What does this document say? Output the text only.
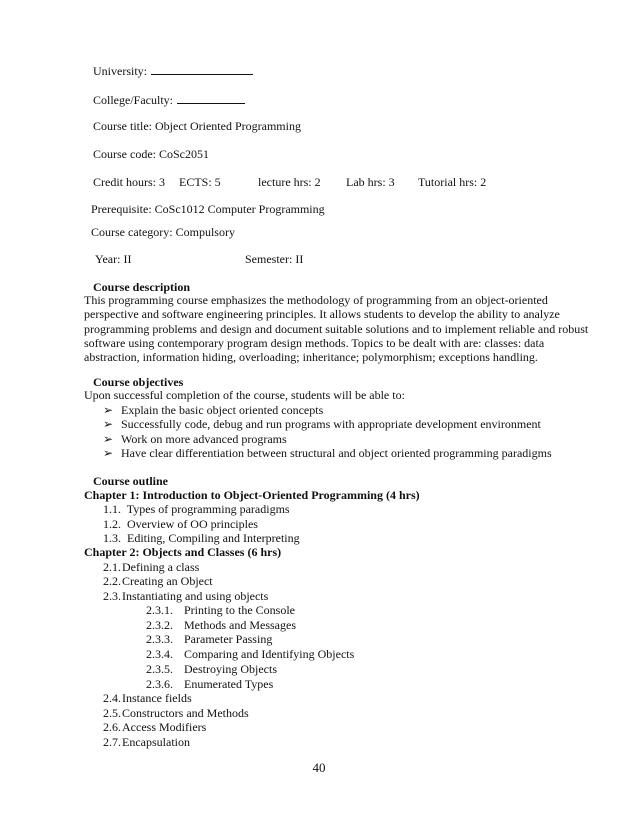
University:
College/Faculty:
Course title: Object Oriented Programming
Course code: CoSc2051
Credit hours: 3 ECTS: 5	lecture hrs: 2 Lab hrs: 3 Tutorial hrs: 2
Prerequisite: CoSc1012 Computer Programming
Course category: Compulsory
Year: II	Semester: II
Course description
This programming course emphasizes the methodology of programming from an object-oriented
perspective and software engineering principles. It allows students to develop the ability to analyze
programming problems and design and document suitable solutions and to implement reliable and robust
software using contemporary program design methods. Topics to be dealt with are: classes: data
abstraction, information hiding, overloading; inheritance; polymorphism; exceptions handling.
Course objectives
Upon successful completion of the course, students will be able to:
➢ Explain the basic object oriented concepts
➢ Successfully code, debug and run programs with appropriate development environment
➢ Work on more advanced programs
➢ Have clear differentiation between structural and object oriented programming paradigms
Course outline
Chapter 1: Introduction to Object-Oriented Programming (4 hrs)
1.1. Types of programming paradigms
1.2. Overview of OO principles
1.3. Editing, Compiling and Interpreting
Chapter 2: Objects and Classes (6 hrs)
2.1.Defining a class
2.2.Creating an Object
2.3.Instantiating and using objects
2.3.1. Printing to the Console
2.3.2. Methods and Messages
2.3.3. Parameter Passing
2.3.4. Comparing and Identifying Objects
2.3.5. Destroying Objects
2.3.6. Enumerated Types
2.4.Instance fields
2.5.Constructors and Methods
2.6.Access Modifiers
2.7.Encapsulation
40
